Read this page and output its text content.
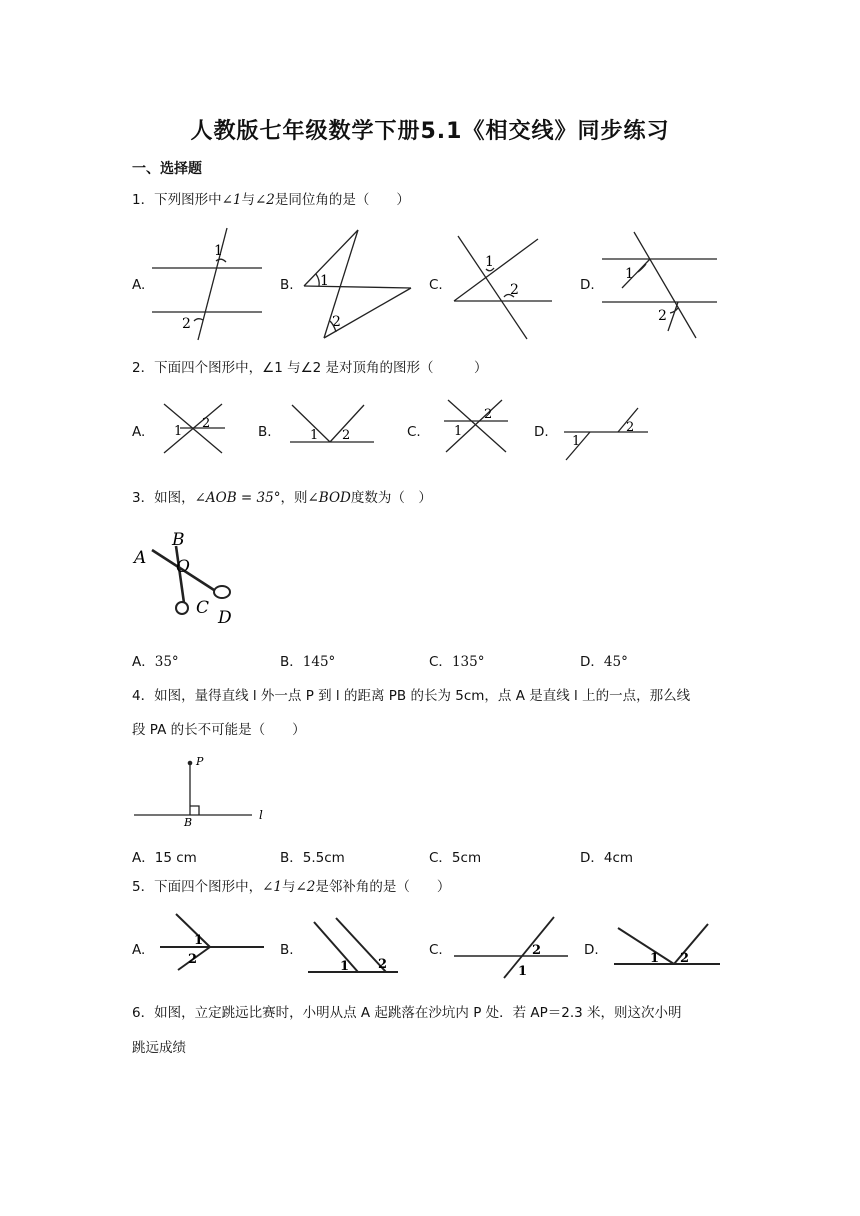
人教版七年级数学下册5.1《相交线》同步练习
一、选择题
1．下列图形中∠1与∠2是同位角的是（　　）
A.	B.	C.	D.
1
2
1
2
1
2
1
2
2．下面四个图形中，∠1 与∠2 是对顶角的图形（　　　）
A.	B.	C.	D.
1
2
1 2	1
2
1
2
3．如图，∠AOB = 35°，则∠BOD度数为（　）
A
B
O
C D
A．35°	B．145°	C．135°	D．45°
4．如图，量得直线 l 外一点 P 到 l 的距离 PB 的长为 5cm，点 A 是直线 l 上的一点，那么线
段 PA 的长不可能是（　　）
P
B
l
A．15 cm	B．5.5cm	C．5cm	D．4cm
5．下面四个图形中，∠1与∠2是邻补角的是（　　）
A.	B.	C.	D.
1
2	1 2
2
1
1 2
6．如图，立定跳远比赛时，小明从点 A 起跳落在沙坑内 P 处．若 AP＝2.3 米，则这次小明
跳远成绩
